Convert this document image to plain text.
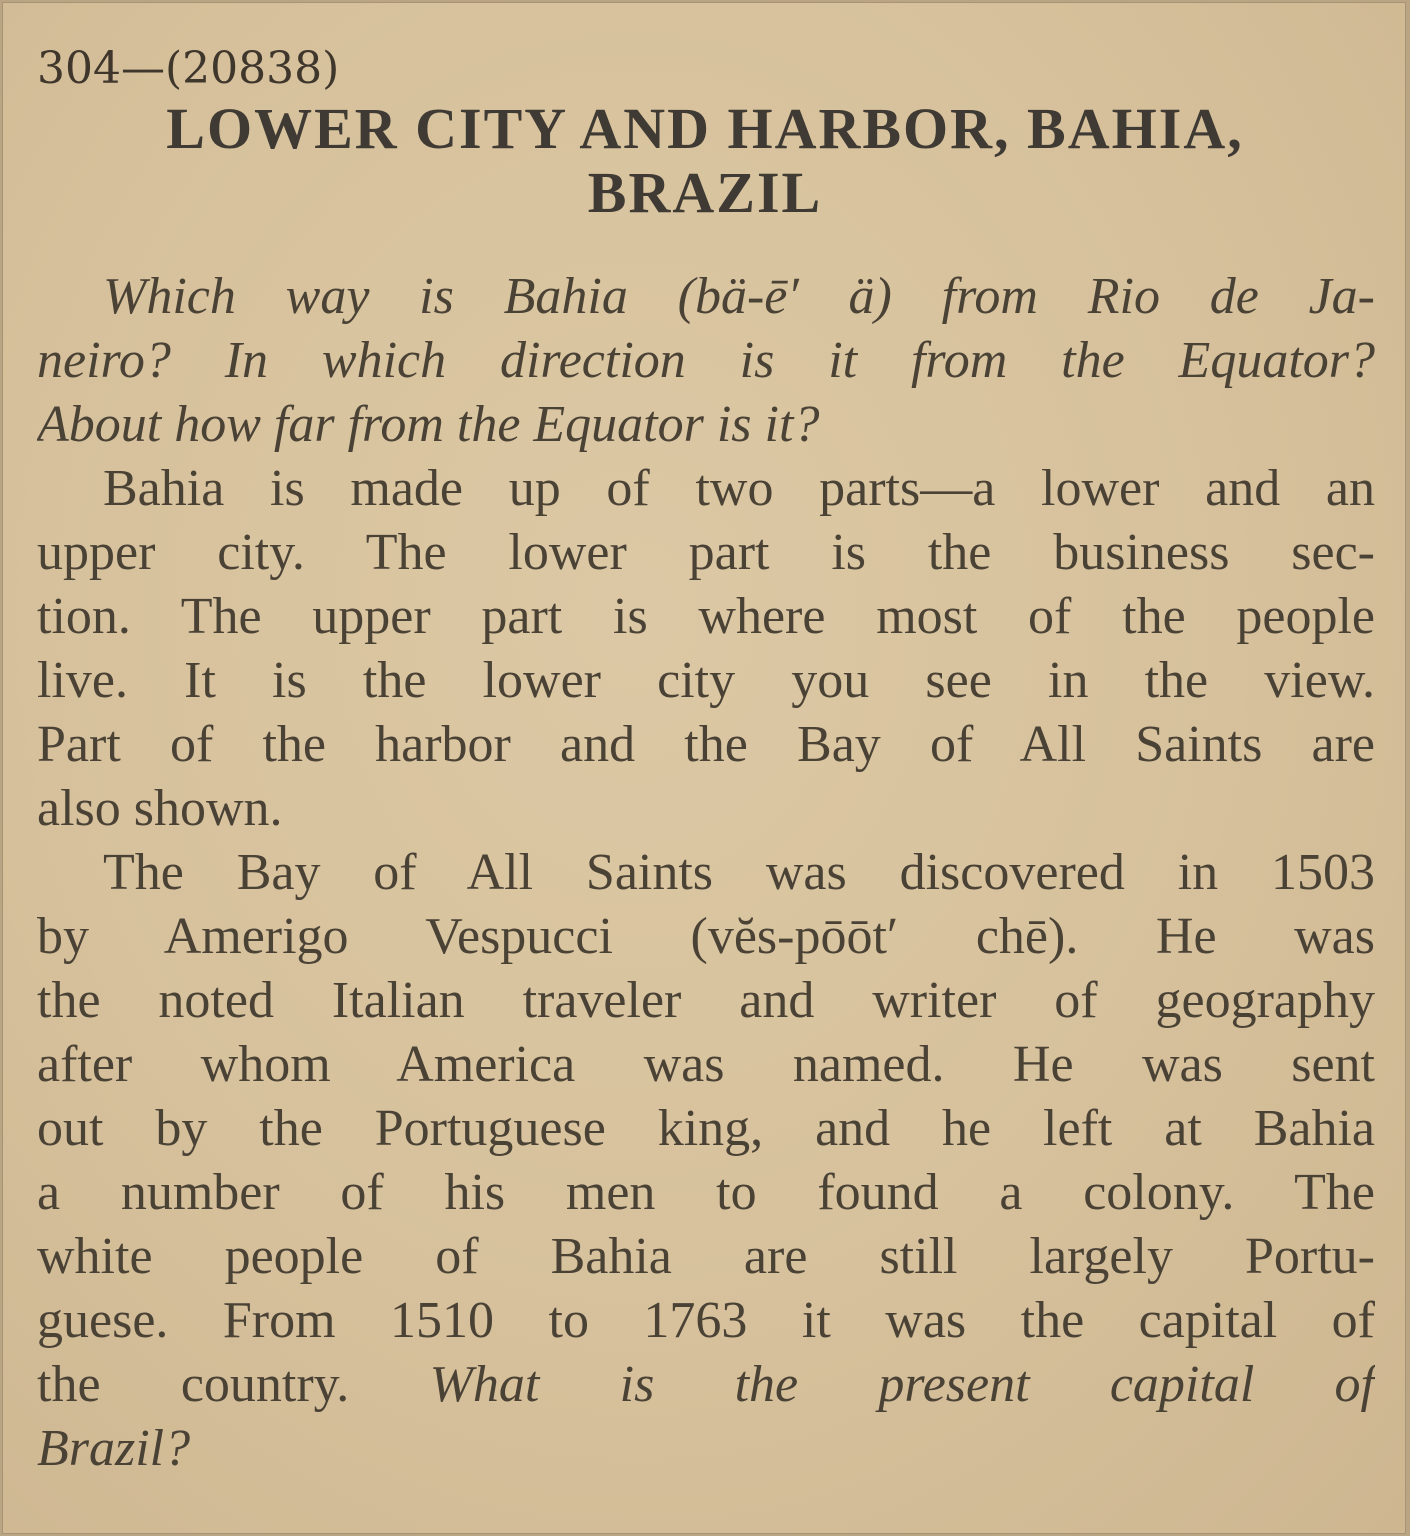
304—(20838)
LOWER CITY AND HARBOR, BAHIA,
BRAZIL
Which way is Bahia (bä-ē′ ä) from Rio de Ja-
neiro? In which direction is it from the Equator?
About how far from the Equator is it?
Bahia is made up of two parts—a lower and an
upper city. The lower part is the business sec-
tion. The upper part is where most of the people
live. It is the lower city you see in the view.
Part of the harbor and the Bay of All Saints are
also shown.
The Bay of All Saints was discovered in 1503
by Amerigo Vespucci (vĕs-pōōt′ chē). He was
the noted Italian traveler and writer of geography
after whom America was named. He was sent
out by the Portuguese king, and he left at Bahia
a number of his men to found a colony. The
white people of Bahia are still largely Portu-
guese. From 1510 to 1763 it was the capital of
the country. What is the present capital of
Brazil?
